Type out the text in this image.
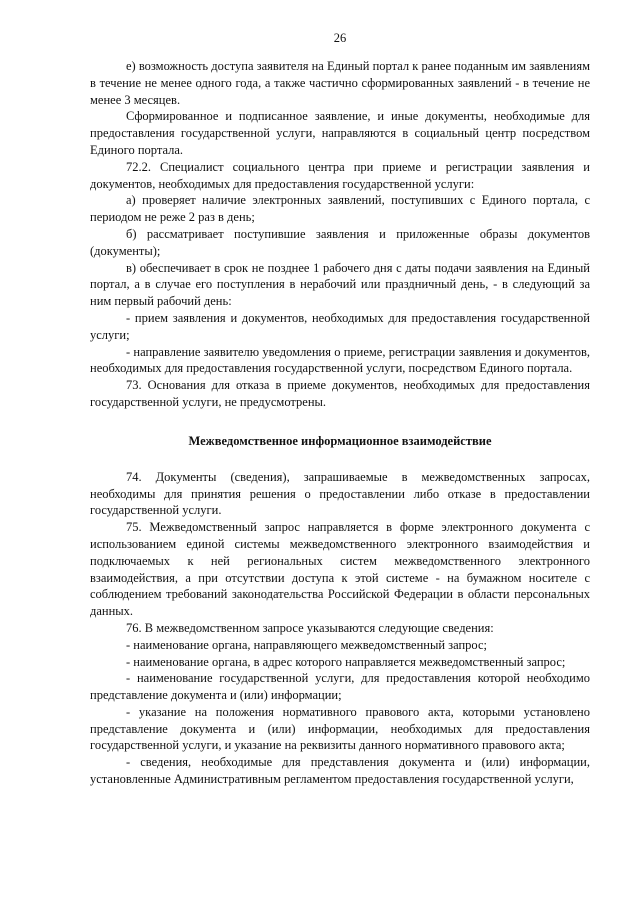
26

е) возможность доступа заявителя на Единый портал к ранее поданным им заявлениям в течение не менее одного года, а также частично сформированных заявлений - в течение не менее 3 месяцев.

Сформированное и подписанное заявление, и иные документы, необходимые для предоставления государственной услуги, направляются в социальный центр посредством Единого портала.

72.2. Специалист социального центра при приеме и регистрации заявления и документов, необходимых для предоставления государственной услуги:

а) проверяет наличие электронных заявлений, поступивших с Единого портала, с периодом не реже 2 раз в день;

б) рассматривает поступившие заявления и приложенные образы документов (документы);

в) обеспечивает в срок не позднее 1 рабочего дня с даты подачи заявления на Единый портал, а в случае его поступления в нерабочий или праздничный день, - в следующий за ним первый рабочий день:

- прием заявления и документов, необходимых для предоставления государственной услуги;

- направление заявителю уведомления о приеме, регистрации заявления и документов, необходимых для предоставления государственной услуги, посредством Единого портала.

73. Основания для отказа в приеме документов, необходимых для предоставления государственной услуги, не предусмотрены.

Межведомственное информационное взаимодействие

74. Документы (сведения), запрашиваемые в межведомственных запросах, необходимы для принятия решения о предоставлении либо отказе в предоставлении государственной услуги.

75. Межведомственный запрос направляется в форме электронного документа с использованием единой системы межведомственного электронного взаимодействия и подключаемых к ней региональных систем межведомственного электронного взаимодействия, а при отсутствии доступа к этой системе - на бумажном носителе с соблюдением требований законодательства Российской Федерации в области персональных данных.

76. В межведомственном запросе указываются следующие сведения:

- наименование органа, направляющего межведомственный запрос;

- наименование органа, в адрес которого направляется межведомственный запрос;

- наименование государственной услуги, для предоставления которой необходимо представление документа и (или) информации;

- указание на положения нормативного правового акта, которыми установлено представление документа и (или) информации, необходимых для предоставления государственной услуги, и указание на реквизиты данного нормативного правового акта;

- сведения, необходимые для представления документа и (или) информации, установленные Административным регламентом предоставления государственной услуги,
